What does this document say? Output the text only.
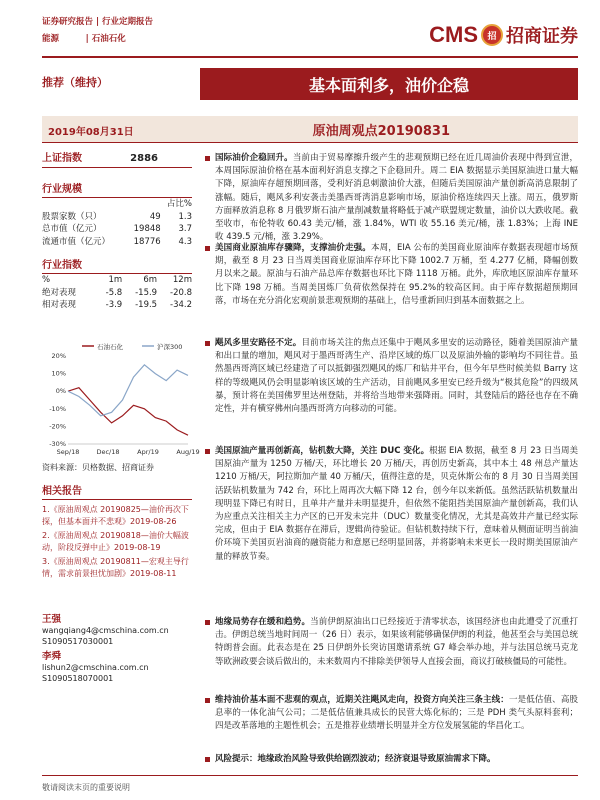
证券研究报告 | 行业定期报告
能源         | 石油石化	CMS	招 招商证券
推荐（维持）	基本面利多，油价企稳
2019年08月31日	原油周观点20190831
上证指数	2886
行业规模
		占比%
股票家数（只）	49	1.3
总市值（亿元）	19848	3.7
流通市值（亿元）	18776	4.3
行业指数
%	1m	6m	12m
绝对表现	-5.8	-15.9	-20.8
相对表现	-3.9	-19.5	-34.2
石油石化	沪深300
20%
10%
0%
-10%
-20%
-30%
Sep/18	Dec/18	Apr/19	Aug/19
资料来源：贝格数据、招商证券
相关报告

1.《原油周观点 20190825—油价再次下探，但基本面并不悲观》2019-08-26

2.《原油周观点 20190818—油价大幅波动，阶段反弹中止》2019-08-19

3.《原油周观点 20190811—宏观主导行情，需求前景担忧加剧》2019-08-11

王强
wangqiang4@cmschina.com.cn
S1090517030001
李舜
lishun2@cmschina.com.cn
S1090518070001
国际油价企稳回升。当前由于贸易摩擦升级产生的悲观预期已经在近几周油价表现中得到宣泄，本周国际原油价格在基本面利好消息支撑之下企稳回升。周二 EIA 数据显示美国原油进口量大幅下降，原油库存超预期回落，受利好消息刺激油价大涨，但随后美国原油产量创新高消息限制了涨幅。随后，飓风多利安袭击美墨西哥湾消息影响市场，原油价格连续四天上涨。周五，俄罗斯方面释放消息称 8 月俄罗斯石油产量削减数量将略低于减产联盟规定数量，油价以大跌收尾。截至收市，布伦特收 60.43 美元/桶，涨 1.84%，WTI 收 55.16 美元/桶，涨 1.83%；上海 INE 收 439.5 元/桶，涨 3.29%。
美国商业原油库存骤降，支撑油价走强。本周，EIA 公布的美国商业原油库存数据表现超市场预期，截至 8 月 23 日当周美国商业原油库存环比下降 1002.7 万桶，至 4.277 亿桶，降幅创数月以来之最。原油与石油产品总库存数据也环比下降 1118 万桶。此外，库欣地区原油库存量环比下降 198 万桶。当周美国炼厂负荷依然保持在 95.2%的较高区间。由于库存数据超预期回落，市场在充分消化宏观前景悲观预期的基础上，信号重新回归到基本面数据之上。
飓风多里安路径不定。目前市场关注的焦点还集中于飓风多里安的运动路径，随着美国原油产量和出口量的增加，飓风对于墨西哥湾生产、沿岸区域的炼厂以及原油外输的影响均不同往昔。虽然墨西哥湾区域已经建造了可以抵御强烈飓风的炼厂和钻井平台，但今年早些时候美似 Barry 这样的等级飓风仍会明显影响该区域的生产活动，目前飓风多里安已经升级为“极其危险”的四级风暴，预计将在美国佛罗里达州登陆，并将给当地带来强降雨。同时，其登陆后的路径也存在不确定性，并有横穿佛州向墨西哥湾方向移动的可能。
美国原油产量再创新高，钻机数大降，关注 DUC 变化。根据 EIA 数据，截至 8 月 23 日当周美国原油产量为 1250 万桶/天，环比增长 20 万桶/天，再创历史新高，其中本土 48 州总产量达 1210 万桶/天，阿拉斯加产量 40 万桶/天，值得注意的是，贝克休斯公布的 8 月 30 日当周美国活跃钻机数量为 742 台，环比上周再次大幅下降 12 台，创今年以来新低。虽然活跃钻机数量出现明显下降已有时日，且单井产量并未明显提升，但依然不能阻挡美国原油产量创新高，我们认为应重点关注相关主力产区的已开发未完井（DUC）数量变化情况，尤其是高效井产量已经实际完成，但由于 EIA 数据存在滞后，逻辑尚待验证。但钻机数持续下行，意味着从侧面证明当前油价环境下美国页岩油商的融资能力和意愿已经明显回落，并将影响未来更长一段时期美国原油产量的释放节奏。
地缘局势存在缓和趋势。当前伊朗原油出口已经接近于清零状态，该国经济也由此遭受了沉重打击。伊朗总统当地时间周一（26 日）表示，如果该利能够确保伊朗的利益，他甚至会与美国总统特朗普会面。此表态是在 25 日伊朗外长突访国邀请系统 G7 峰会举办地，并与法国总统马克龙等欧洲政要会谈后做出的，未来数周内不排除美伊领导人直接会面，商议打破核僵局的可能性。
维持油价基本面不悲观的观点，近期关注飓风走向，投资方向关注三条主线：一是低估值、高股息率的一体化油气公司；二是低估值兼具成长的民营大炼化标的；三是 PDH 类气头原料套利；四是改革落地的主题性机会；五是推荐业绩增长明显并全方位发展氢能的华昌化工。
风险提示：地缘政治风险导致供给剧烈波动；经济衰退导致原油需求下降。
敬请阅读末页的重要说明
